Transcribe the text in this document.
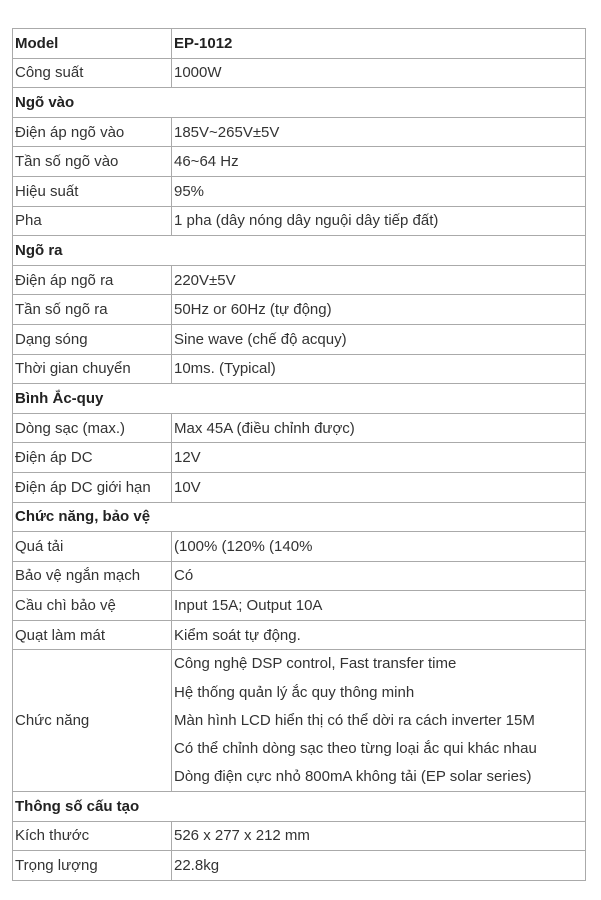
Model	EP-1012
Công suất	1000W
Ngõ vào	
Điện áp ngõ vào	185V~265V±5V
Tần số ngõ vào	46~64 Hz
Hiệu suất	95%
Pha	1 pha (dây nóng dây nguội dây tiếp đất)
Ngõ ra	
Điện áp ngõ ra	220V±5V
Tần số ngõ ra	50Hz or 60Hz (tự động)
Dạng sóng	Sine wave (chế độ acquy)
Thời gian chuyển	10ms. (Typical)
Bình Ắc-quy	
Dòng sạc (max.)	Max 45A (điều chỉnh được)
Điện áp DC	12V
Điện áp DC giới hạn	10V
Chức năng, bảo vệ	
Quá tải	(100% (120% (140%
Bảo vệ ngắn mạch	Có
Cầu chì bảo vệ	Input 15A; Output 10A
Quạt làm mát	Kiểm soát tự động.
Chức năng	Công nghệ DSP control, Fast transfer time
Hệ thống quản lý ắc quy thông minh
Màn hình LCD hiển thị có thể dời ra cách inverter 15M
Có thể chỉnh dòng sạc theo từng loại ắc qui khác nhau
Dòng điện cực nhỏ 800mA không tải (EP solar series)

Thông số cấu tạo	
Kích thước	526 x 277 x 212 mm
Trọng lượng	22.8kg
